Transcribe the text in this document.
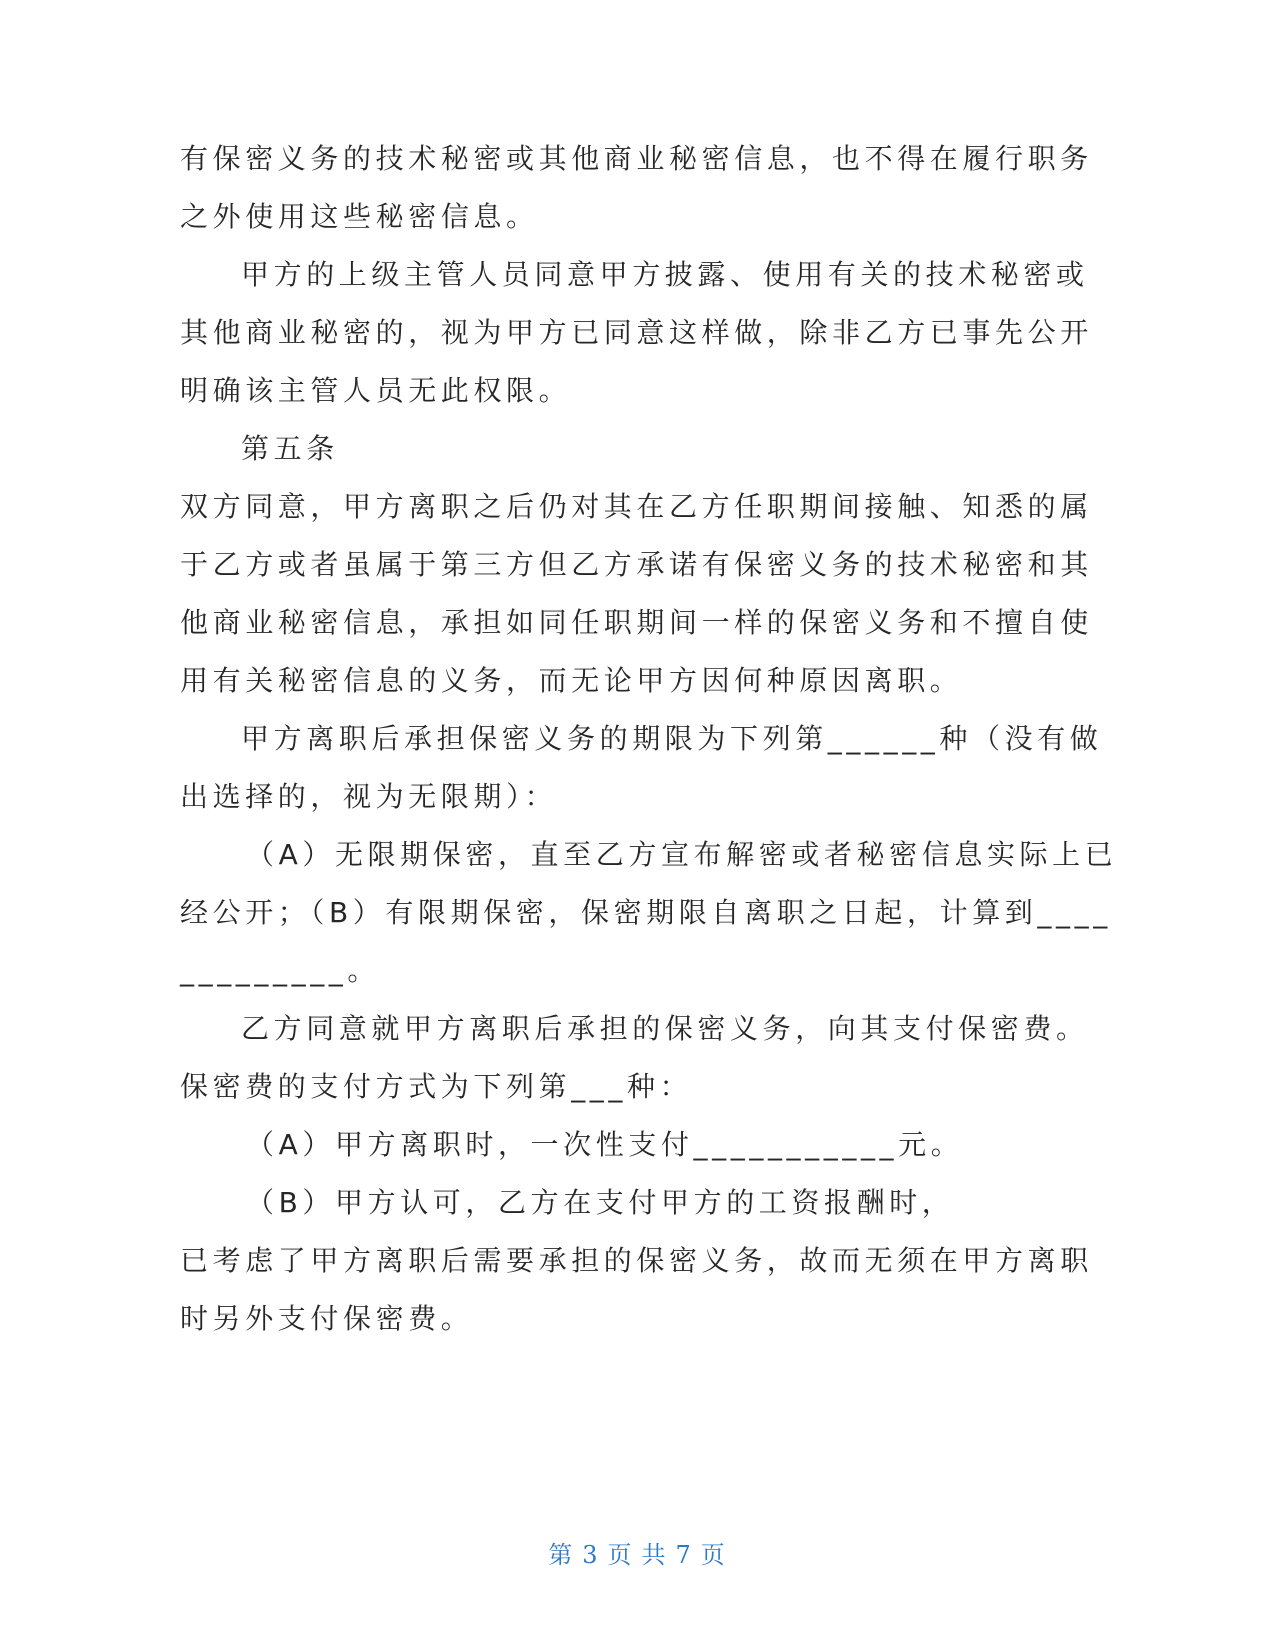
有保密义务的技术秘密或其他商业秘密信息，也不得在履行职务

之外使用这些秘密信息。

甲方的上级主管人员同意甲方披露、使用有关的技术秘密或

其他商业秘密的，视为甲方已同意这样做，除非乙方已事先公开

明确该主管人员无此权限。

第五条

双方同意，甲方离职之后仍对其在乙方任职期间接触、知悉的属

于乙方或者虽属于第三方但乙方承诺有保密义务的技术秘密和其

他商业秘密信息，承担如同任职期间一样的保密义务和不擅自使

用有关秘密信息的义务，而无论甲方因何种原因离职。

甲方离职后承担保密义务的期限为下列第______种（没有做

出选择的，视为无限期）：

（A）无限期保密，直至乙方宣布解密或者秘密信息实际上已

经公开；（B）有限期保密，保密期限自离职之日起，计算到____

_________。

乙方同意就甲方离职后承担的保密义务，向其支付保密费。

保密费的支付方式为下列第___种：

（A）甲方离职时，一次性支付___________元。

（B）甲方认可，乙方在支付甲方的工资报酬时，

已考虑了甲方离职后需要承担的保密义务，故而无须在甲方离职

时另外支付保密费。

第 3 页 共 7 页
